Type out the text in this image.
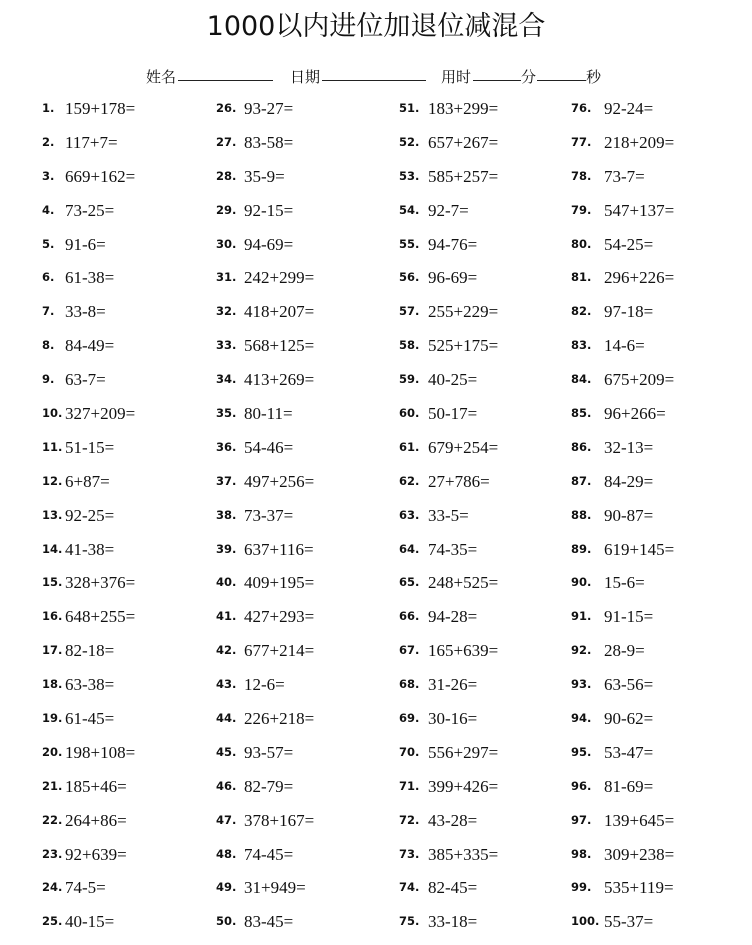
1000以内进位加退位减混合
姓名	日期	用时	分	秒
1. 159+178=
2. 117+7=
3. 669+162=
4. 73-25=
5. 91-6=
6. 61-38=
7. 33-8=
8. 84-49=
9. 63-7=
10. 327+209=
11. 51-15=
12. 6+87=
13. 92-25=
14. 41-38=
15. 328+376=
16. 648+255=
17. 82-18=
18. 63-38=
19. 61-45=
20. 198+108=
21. 185+46=
22. 264+86=
23. 92+639=
24. 74-5=
25. 40-15=
26. 93-27=
27. 83-58=
28. 35-9=
29. 92-15=
30. 94-69=
31. 242+299=
32. 418+207=
33. 568+125=
34. 413+269=
35. 80-11=
36. 54-46=
37. 497+256=
38. 73-37=
39. 637+116=
40. 409+195=
41. 427+293=
42. 677+214=
43. 12-6=
44. 226+218=
45. 93-57=
46. 82-79=
47. 378+167=
48. 74-45=
49. 31+949=
50. 83-45=
51. 183+299=
52. 657+267=
53. 585+257=
54. 92-7=
55. 94-76=
56. 96-69=
57. 255+229=
58. 525+175=
59. 40-25=
60. 50-17=
61. 679+254=
62. 27+786=
63. 33-5=
64. 74-35=
65. 248+525=
66. 94-28=
67. 165+639=
68. 31-26=
69. 30-16=
70. 556+297=
71. 399+426=
72. 43-28=
73. 385+335=
74. 82-45=
75. 33-18=
76. 92-24=
77. 218+209=
78. 73-7=
79. 547+137=
80. 54-25=
81. 296+226=
82. 97-18=
83. 14-6=
84. 675+209=
85. 96+266=
86. 32-13=
87. 84-29=
88. 90-87=
89. 619+145=
90. 15-6=
91. 91-15=
92. 28-9=
93. 63-56=
94. 90-62=
95. 53-47=
96. 81-69=
97. 139+645=
98. 309+238=
99. 535+119=
100. 55-37=
